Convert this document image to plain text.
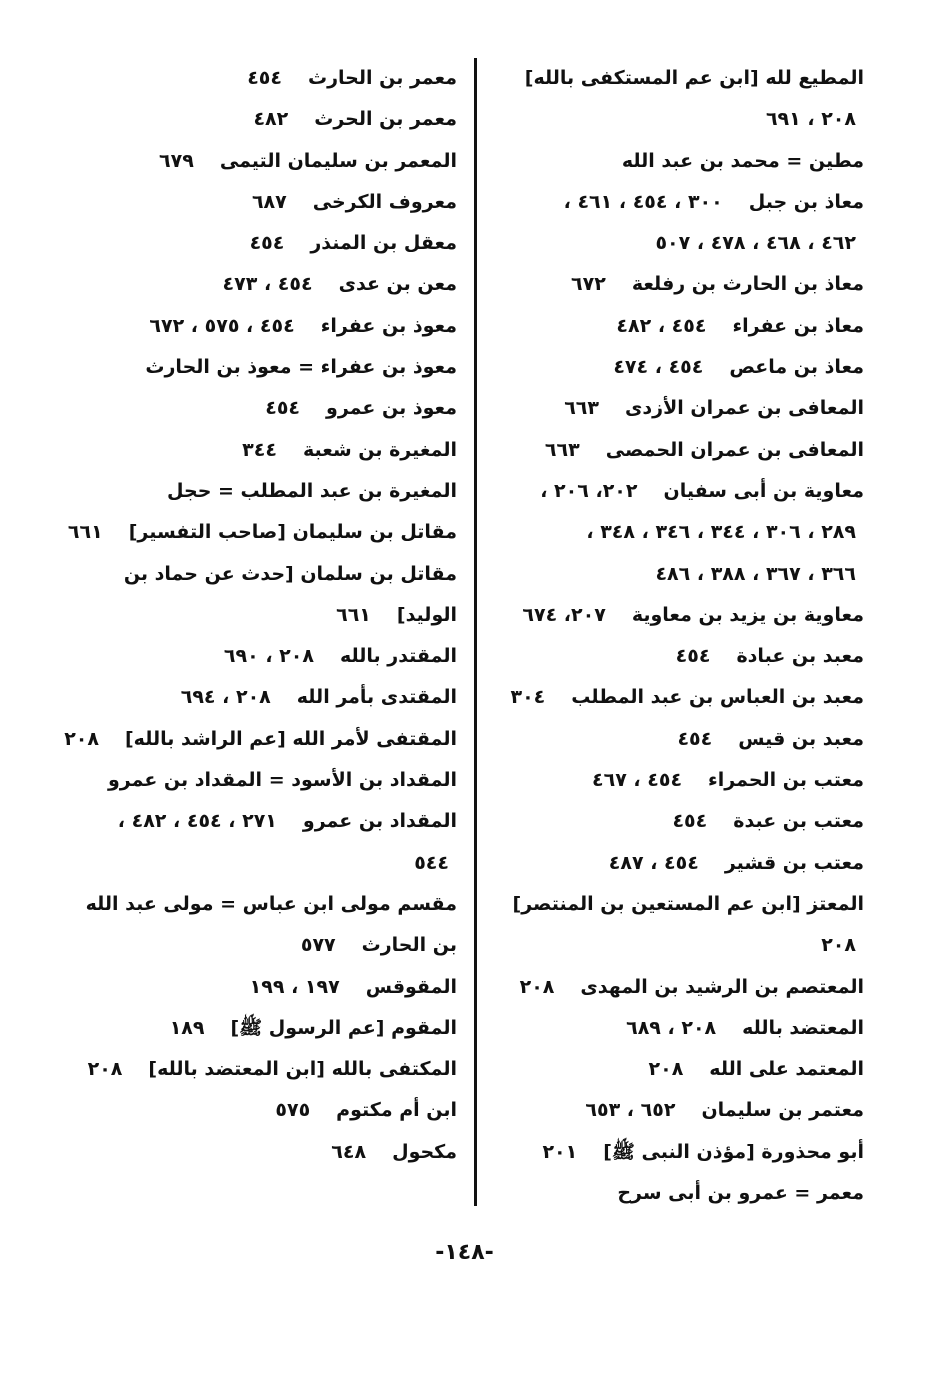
المطيع لله [ابن عم المستكفى بالله]
٢٠٨ ، ٦٩١
مطين = محمد بن عبد الله
معاذ بن جبل
٣٠٠ ، ٤٥٤ ، ٤٦١ ،
٤٦٢ ، ٤٦٨ ، ٤٧٨ ، ٥٠٧
معاذ بن الحارث بن رفلعة
٦٧٢
معاذ بن عفراء
٤٥٤ ، ٤٨٢
معاذ بن ماعص
٤٥٤ ، ٤٧٤
المعافى بن عمران الأزدى
٦٦٣
المعافى بن عمران الحمصى
٦٦٣
معاوية بن أبى سفيان
٢٠٢، ٢٠٦ ،
٢٨٩ ، ٣٠٦ ، ٣٤٤ ، ٣٤٦ ، ٣٤٨ ،
٣٦٦ ، ٣٦٧ ، ٣٨٨ ، ٤٨٦
معاوية بن يزيد بن معاوية
٢٠٧، ٦٧٤
معبد بن عبادة
٤٥٤
معبد بن العباس بن عبد المطلب
٣٠٤
معبد بن قيس
٤٥٤
معتب بن الحمراء
٤٥٤ ، ٤٦٧
معتب بن عبدة
٤٥٤
معتب بن قشير
٤٥٤ ، ٤٨٧
المعتز [ابن عم المستعين بن المنتصر]
٢٠٨
المعتصم بن الرشيد بن المهدى
٢٠٨
المعتضد بالله
٢٠٨ ، ٦٨٩
المعتمد على الله
٢٠٨
معتمر بن سليمان
٦٥٢ ، ٦٥٣
أبو محذورة [مؤذن النبى ﷺ]
٢٠١
معمر = عمرو بن أبى سرح
معمر بن الحارث
٤٥٤
معمر بن الحرث
٤٨٢
المعمر بن سليمان التيمى
٦٧٩
معروف الكرخى
٦٨٧
معقل بن المنذر
٤٥٤
معن بن عدى
٤٥٤ ، ٤٧٣
معوذ بن عفراء
٤٥٤ ، ٥٧٥ ، ٦٧٢
معوذ بن عفراء = معوذ بن الحارث
معوذ بن عمرو
٤٥٤
المغيرة بن شعبة
٣٤٤
المغيرة بن عبد المطلب = حجل
مقاتل بن سليمان [صاحب التفسير]
٦٦١
مقاتل بن سلمان [حدث عن حماد بن
الوليد]
٦٦١
المقتدر بالله
٢٠٨ ، ٦٩٠
المقتدى بأمر الله
٢٠٨ ، ٦٩٤
المقتفى لأمر الله [عم الراشد بالله]
٢٠٨
المقداد بن الأسود = المقداد بن عمرو
المقداد بن عمرو
٢٧١ ، ٤٥٤ ، ٤٨٢ ،
٥٤٤
مقسم مولى ابن عباس = مولى عبد الله
بن الحارث
٥٧٧
المقوقس
١٩٧ ، ١٩٩
المقوم [عم الرسول ﷺ]
١٨٩
المكتفى بالله [ابن المعتضد بالله]
٢٠٨
ابن أم مكتوم
٥٧٥
مكحول
٦٤٨
-١٤٨-
